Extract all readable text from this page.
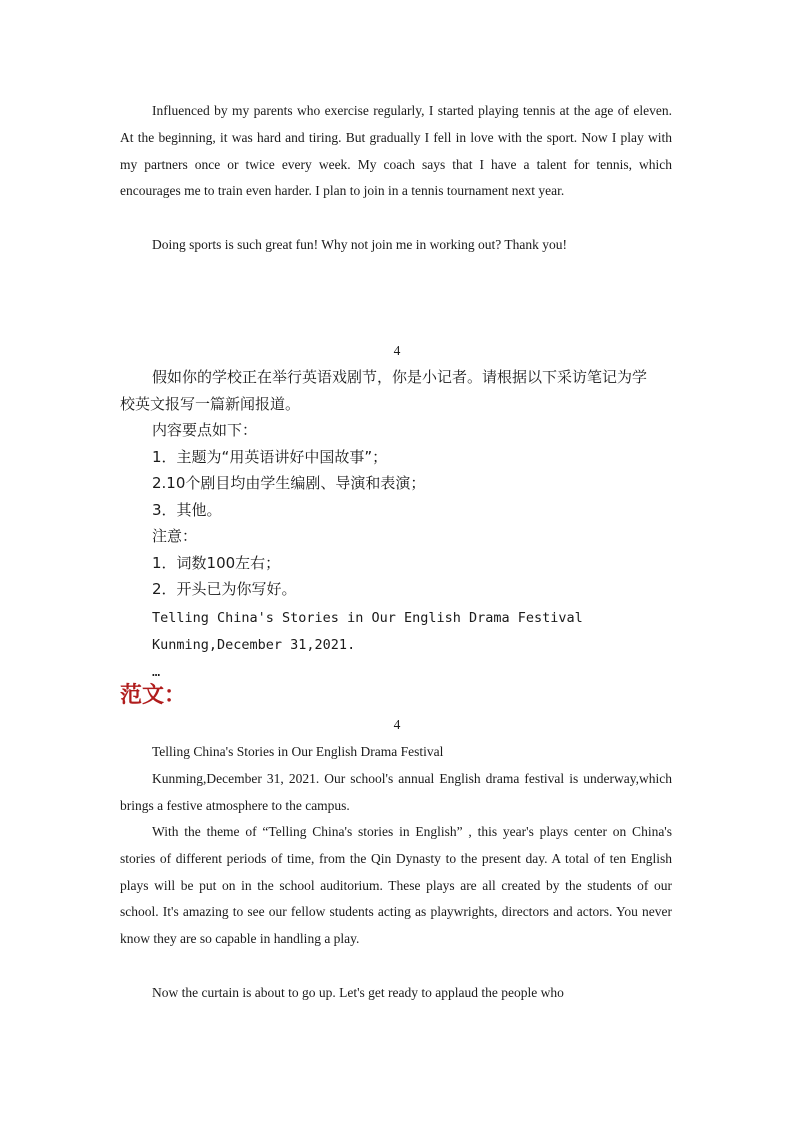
Influenced by my parents who exercise regularly, I started playing tennis at the age of eleven. At the beginning, it was hard and tiring. But gradually I fell in love with the sport. Now I play with my partners once or twice every week. My coach says that I have a talent for tennis, which encourages me to train even harder. I plan to join in a tennis tournament next year.

Doing sports is such great fun! Why not join me in working out? Thank you!

4

假如你的学校正在举行英语戏剧节，你是小记者。请根据以下采访笔记为学
校英文报写一篇新闻报道。
内容要点如下：
1．主题为“用英语讲好中国故事”；
2.10个剧目均由学生编剧、导演和表演；
3．其他。
注意：
1．词数100左右；
2．开头已为你写好。
Telling China's Stories in Our English Drama Festival
Kunming,December 31,2021.
…

范文：

4

Telling China's Stories in Our English Drama Festival

Kunming,December 31, 2021. Our school's annual English drama festival is underway,which brings a festive atmosphere to the campus.

With the theme of “Telling China's stories in English” , this year's plays center on China's stories of different periods of time, from the Qin Dynasty to the present day. A total of ten English plays will be put on in the school auditorium. These plays are all created by the students of our school. It's amazing to see our fellow students acting as playwrights, directors and actors. You never know they are so capable in handling a play.

Now the curtain is about to go up. Let's get ready to applaud the people who
